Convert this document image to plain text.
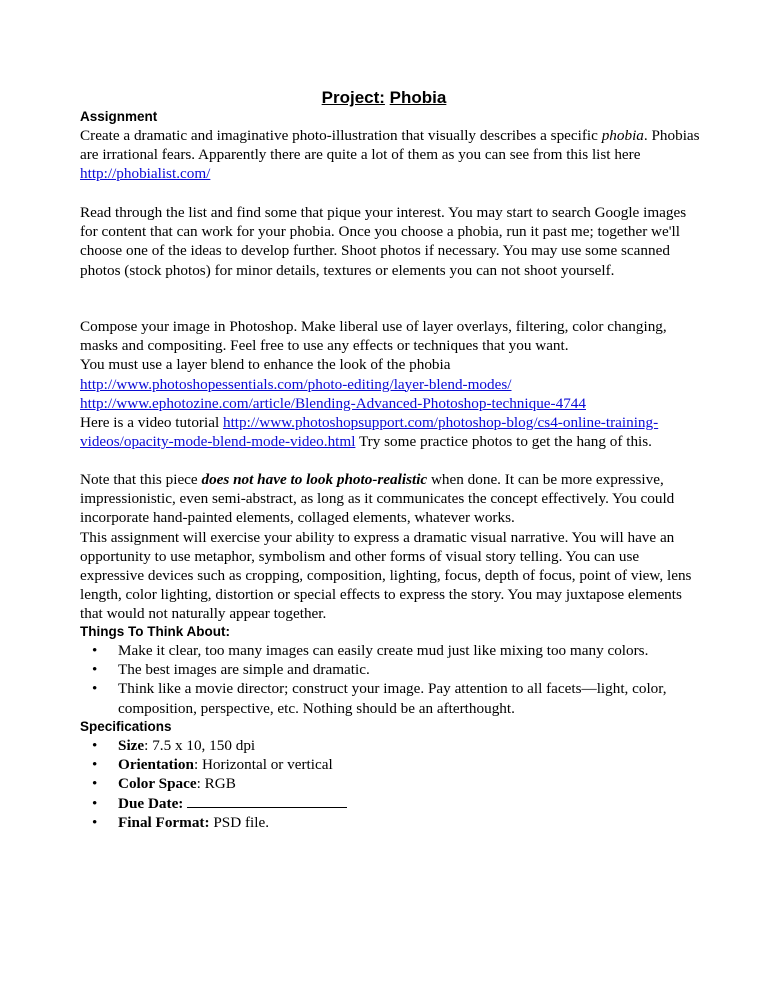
Project: Phobia
Assignment

Create a dramatic and imaginative photo-illustration that visually describes a specific phobia. Phobias are irrational fears. Apparently there are quite a lot of them as you can see from this list here http://phobialist.com/

Read through the list and find some that pique your interest. You may start to search Google images for content that can work for your phobia. Once you choose a phobia, run it past me; together we'll choose one of the ideas to develop further. Shoot photos if necessary. You may use some scanned photos (stock photos) for minor details, textures or elements you can not shoot yourself.

Compose your image in Photoshop. Make liberal use of layer overlays, filtering, color changing, masks and compositing. Feel free to use any effects or techniques that you want.

You must use a layer blend to enhance the look of the phobia

http://www.photoshopessentials.com/photo-editing/layer-blend-modes/

http://www.ephotozine.com/article/Blending-Advanced-Photoshop-technique-4744

Here is a video tutorial http://www.photoshopsupport.com/photoshop-blog/cs4-online-training-videos/opacity-mode-blend-mode-video.html Try some practice photos to get the hang of this.

Note that this piece does not have to look photo-realistic when done. It can be more expressive, impressionistic, even semi-abstract, as long as it communicates the concept effectively. You could incorporate hand-painted elements, collaged elements, whatever works.

This assignment will exercise your ability to express a dramatic visual narrative. You will have an opportunity to use metaphor, symbolism and other forms of visual story telling. You can use expressive devices such as cropping, composition, lighting, focus, depth of focus, point of view, lens length, color lighting, distortion or special effects to express the story. You may juxtapose elements that would not naturally appear together.

Things To Think About:
• Make it clear, too many images can easily create mud just like mixing too many colors.
• The best images are simple and dramatic.
• Think like a movie director; construct your image. Pay attention to all facets—light, color, composition, perspective, etc. Nothing should be an afterthought.
Specifications
• Size: 7.5 x 10, 150 dpi
• Orientation: Horizontal or vertical
• Color Space: RGB
• Due Date:
• Final Format: PSD file.
